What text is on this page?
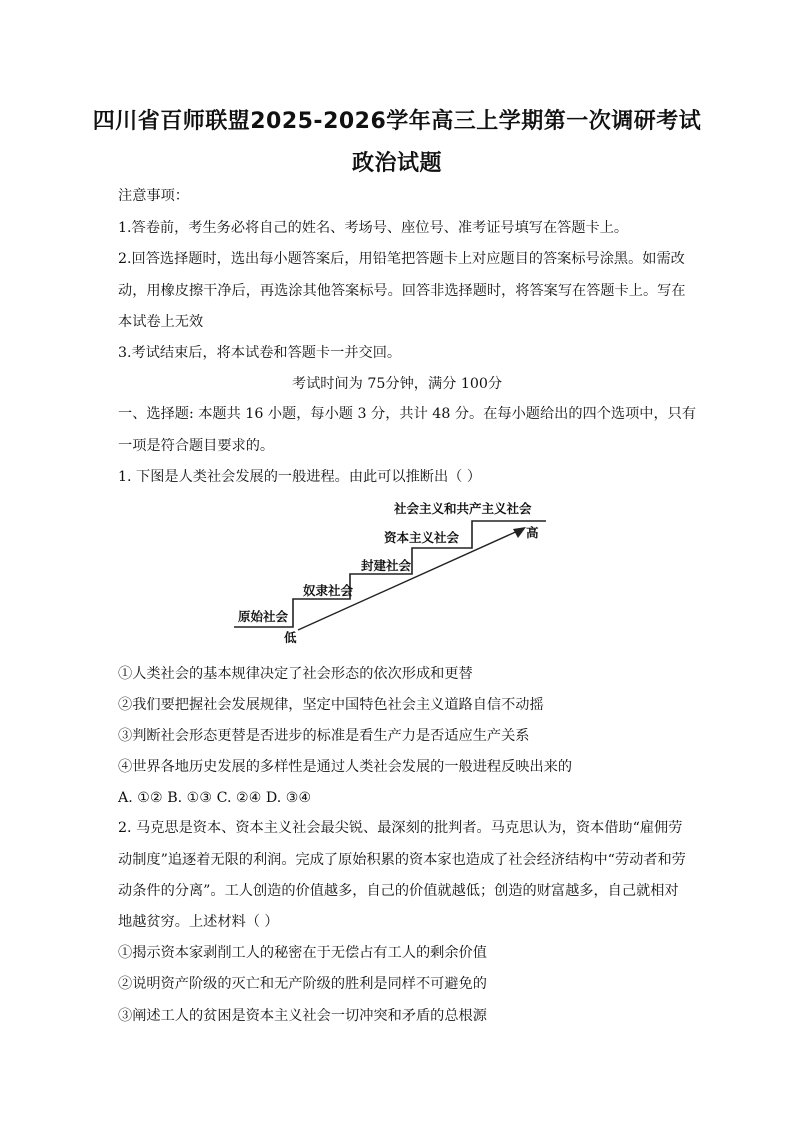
四川省百师联盟2025-2026学年高三上学期第一次调研考试
政治试题
注意事项：
1.答卷前，考生务必将自己的姓名、考场号、座位号、准考证号填写在答题卡上。
2.回答选择题时，选出每小题答案后，用铅笔把答题卡上对应题目的答案标号涂黑。如需改
动，用橡皮擦干净后，再选涂其他答案标号。回答非选择题时，将答案写在答题卡上。写在
本试卷上无效
3.考试结束后，将本试卷和答题卡一并交回。
考试时间为 75分钟，满分 100分
一、选择题: 本题共 16 小题，每小题 3 分，共计 48 分。在每小题给出的四个选项中，只有
一项是符合题目要求的。
1. 下图是人类社会发展的一般进程。由此可以推断出（ ）
原始社会
奴隶社会
封建社会
资本主义社会
社会主义和共产主义社会
低
高
①人类社会的基本规律决定了社会形态的依次形成和更替
②我们要把握社会发展规律，坚定中国特色社会主义道路自信不动摇
③判断社会形态更替是否进步的标准是看生产力是否适应生产关系
④世界各地历史发展的多样性是通过人类社会发展的一般进程反映出来的
A. ①② B. ①③ C. ②④ D. ③④
2. 马克思是资本、资本主义社会最尖锐、最深刻的批判者。马克思认为，资本借助“雇佣劳
动制度”追逐着无限的利润。完成了原始积累的资本家也造成了社会经济结构中“劳动者和劳
动条件的分离”。工人创造的价值越多，自己的价值就越低；创造的财富越多，自己就相对
地越贫穷。上述材料（ ）
①揭示资本家剥削工人的秘密在于无偿占有工人的剩余价值
②说明资产阶级的灭亡和无产阶级的胜利是同样不可避免的
③阐述工人的贫困是资本主义社会一切冲突和矛盾的总根源
